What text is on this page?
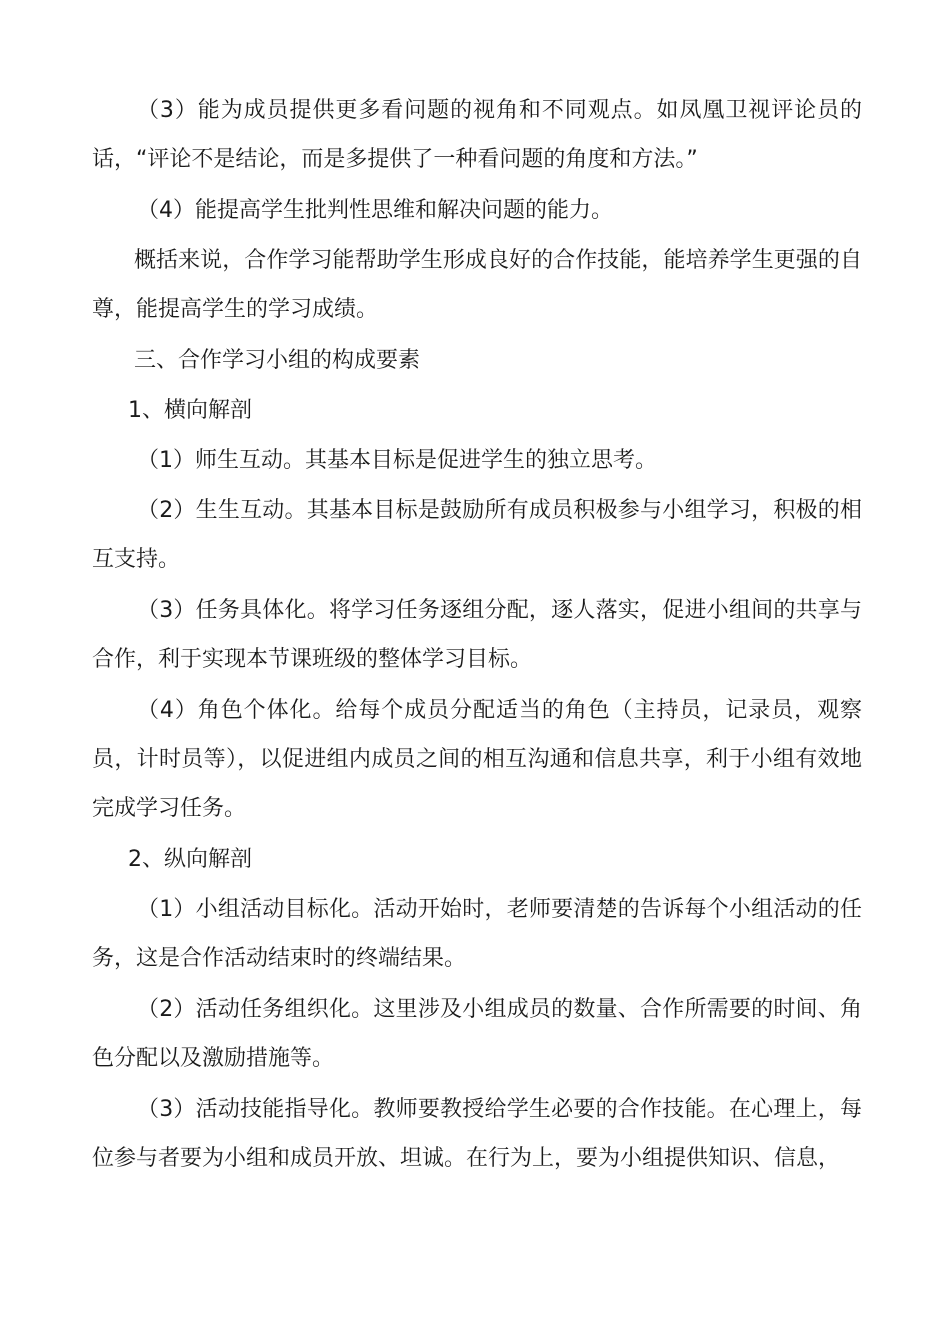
（3）能为成员提供更多看问题的视角和不同观点。如凤凰卫视评论员的话，“评论不是结论，而是多提供了一种看问题的角度和方法。”

（4）能提高学生批判性思维和解决问题的能力。

概括来说，合作学习能帮助学生形成良好的合作技能，能培养学生更强的自尊，能提高学生的学习成绩。

三、合作学习小组的构成要素

1、横向解剖

（1）师生互动。其基本目标是促进学生的独立思考。

（2）生生互动。其基本目标是鼓励所有成员积极参与小组学习，积极的相互支持。

（3）任务具体化。将学习任务逐组分配，逐人落实，促进小组间的共享与合作，利于实现本节课班级的整体学习目标。

（4）角色个体化。给每个成员分配适当的角色（主持员，记录员，观察员，计时员等），以促进组内成员之间的相互沟通和信息共享，利于小组有效地完成学习任务。

2、纵向解剖

（1）小组活动目标化。活动开始时，老师要清楚的告诉每个小组活动的任务，这是合作活动结束时的终端结果。

（2）活动任务组织化。这里涉及小组成员的数量、合作所需要的时间、角色分配以及激励措施等。

（3）活动技能指导化。教师要教授给学生必要的合作技能。在心理上，每位参与者要为小组和成员开放、坦诚。在行为上，要为小组提供知识、信息，
